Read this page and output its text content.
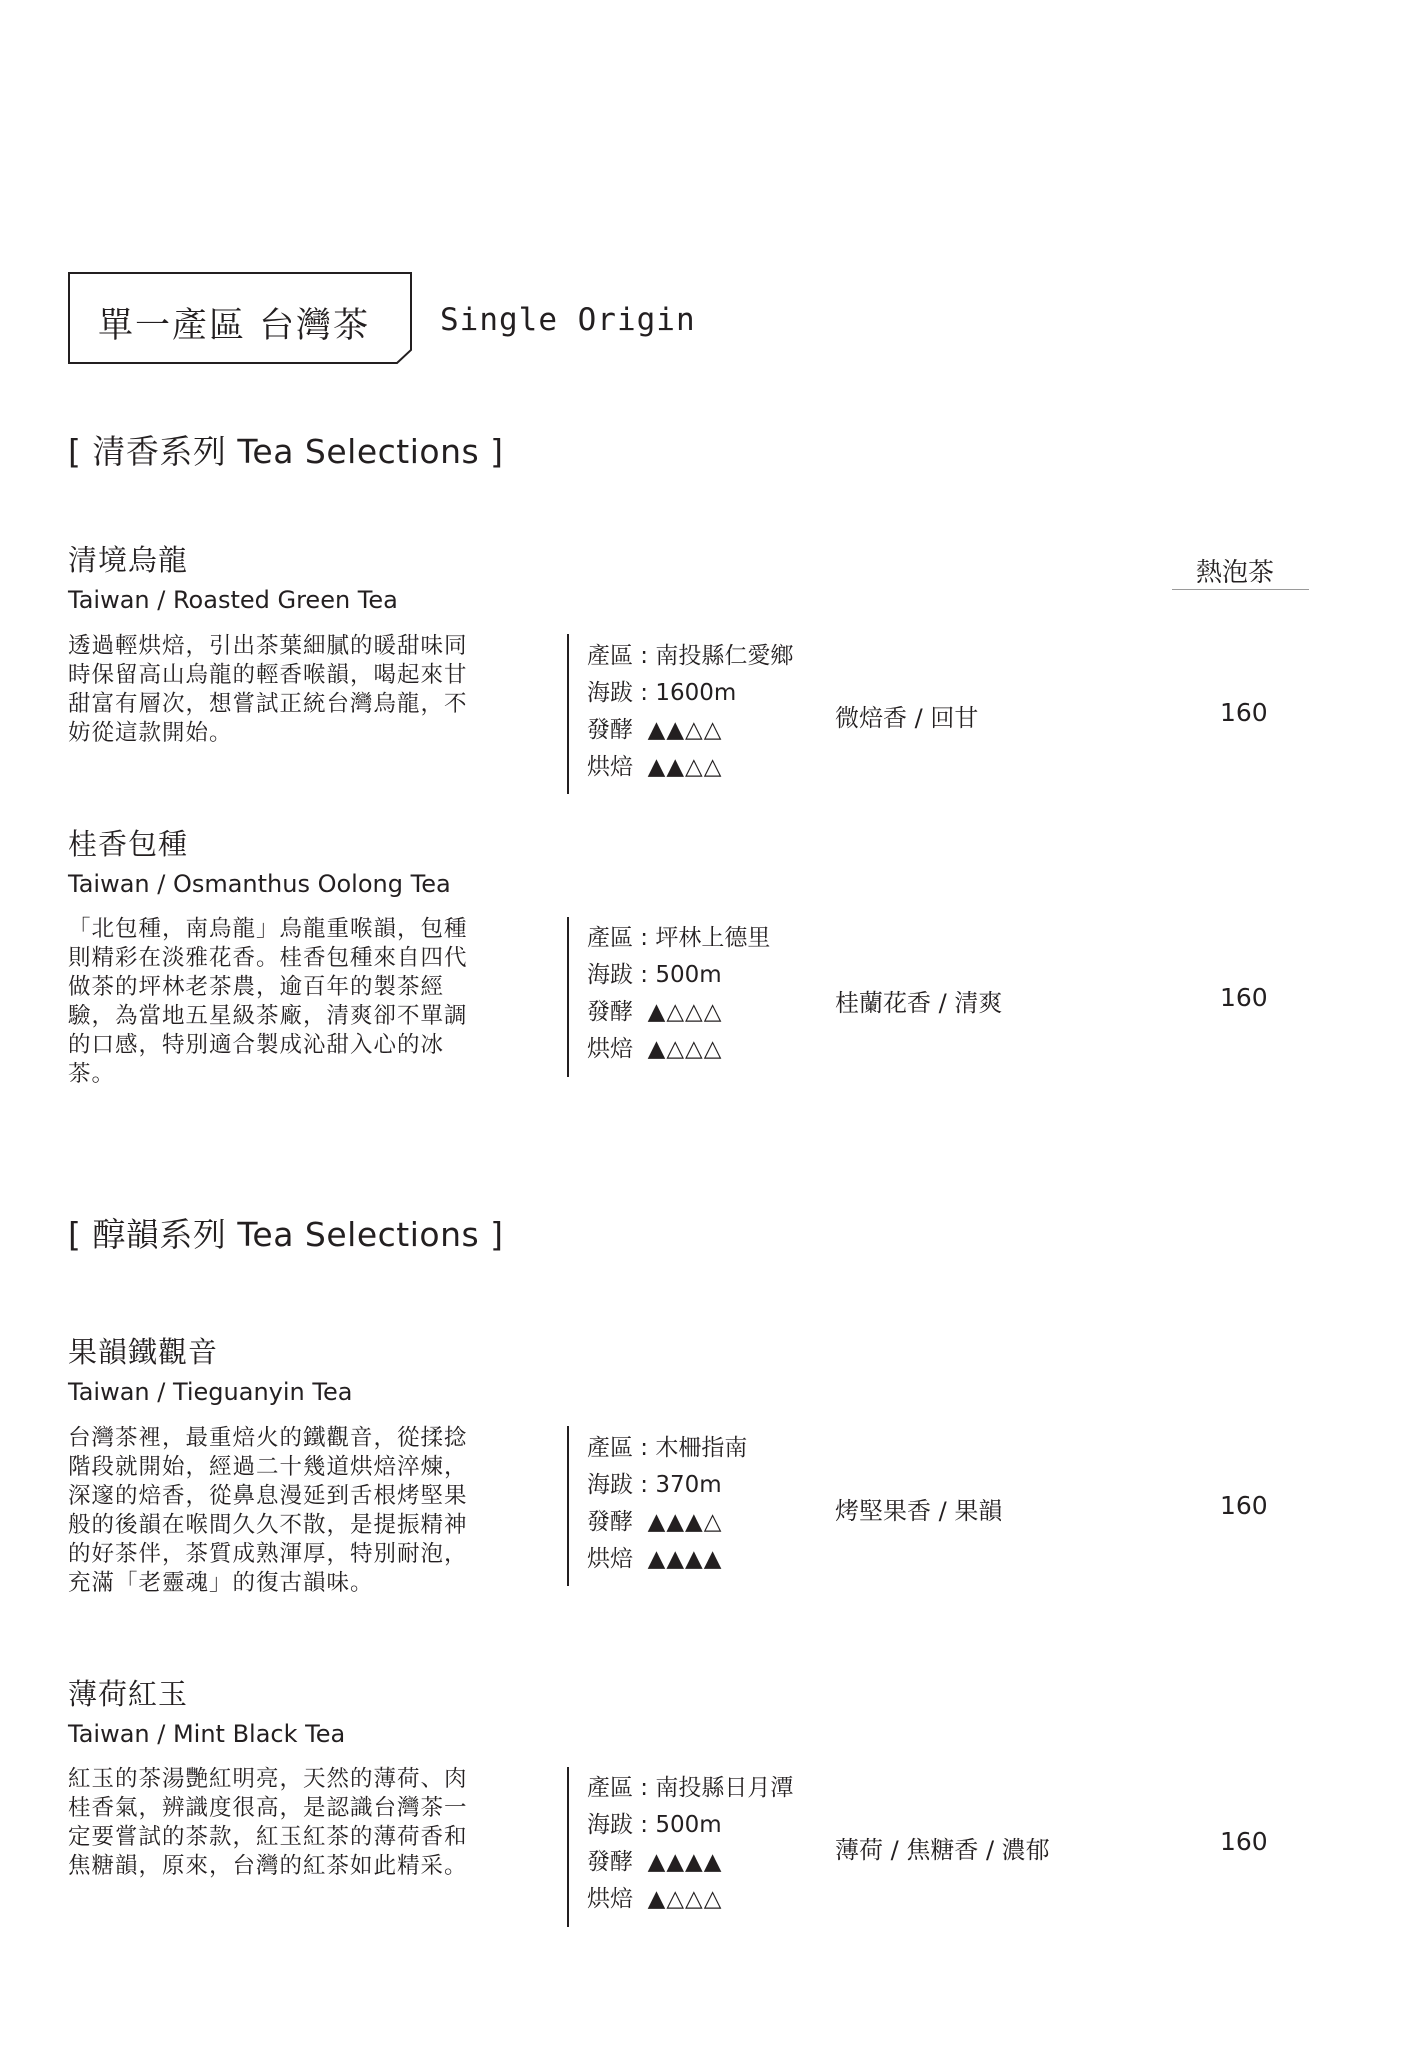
單一產區 台灣茶 Single Origin
[ 清香系列 Tea Selections ]
熱泡茶
清境烏龍
Taiwan / Roasted Green Tea
透過輕烘焙，引出茶葉細膩的暖甜味同時保留高山烏龍的輕香喉韻，喝起來甘甜富有層次，想嘗試正統台灣烏龍，不妨從這款開始。
產區 : 南投縣仁愛鄉
海跋 : 1600m
發酵 ▲▲△△
烘焙 ▲▲△△
微焙香 / 回甘	160
桂香包種
Taiwan / Osmanthus Oolong Tea
「北包種，南烏龍」烏龍重喉韻，包種則精彩在淡雅花香。桂香包種來自四代做茶的坪林老茶農，逾百年的製茶經驗，為當地五星級茶廠，清爽卻不單調的口感，特別適合製成沁甜入心的冰茶。
產區 : 坪林上德里
海跋 : 500m
發酵 ▲△△△
烘焙 ▲△△△
桂蘭花香 / 清爽	160
[ 醇韻系列 Tea Selections ]
果韻鐵觀音
Taiwan / Tieguanyin Tea
台灣茶裡，最重焙火的鐵觀音，從揉捻階段就開始，經過二十幾道烘焙淬煉，深邃的焙香，從鼻息漫延到舌根烤堅果般的後韻在喉間久久不散，是提振精神的好茶伴，茶質成熟渾厚，特別耐泡，充滿「老靈魂」的復古韻味。
產區 : 木柵指南
海跋 : 370m
發酵 ▲▲▲△
烘焙 ▲▲▲▲
烤堅果香 / 果韻	160
薄荷紅玉
Taiwan / Mint Black Tea
紅玉的茶湯艷紅明亮，天然的薄荷、肉桂香氣，辨識度很高，是認識台灣茶一定要嘗試的茶款，紅玉紅茶的薄荷香和焦糖韻，原來，台灣的紅茶如此精采。
產區 : 南投縣日月潭
海跋 : 500m
發酵 ▲▲▲▲
烘焙 ▲△△△
薄荷 / 焦糖香 / 濃郁	160
